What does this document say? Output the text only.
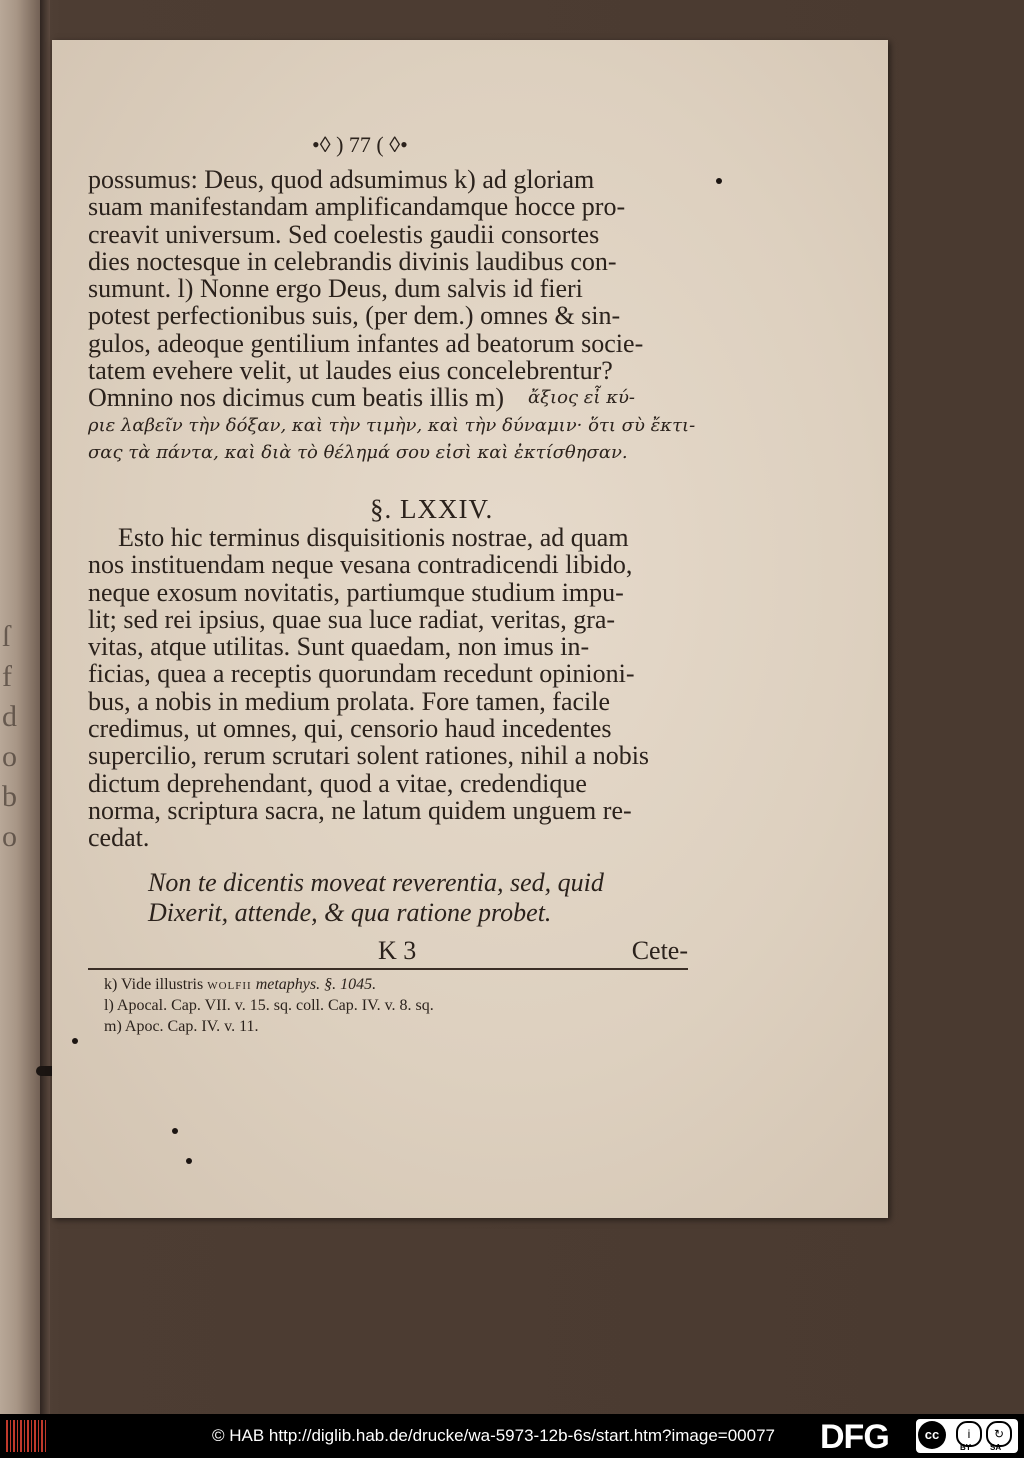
ſ
f
d
o
b
o
•◊ ) 77 ( ◊•
possumus: Deus, quod adsumimus k) ad gloriam
suam manifestandam amplificandamque hocce pro-
creavit universum. Sed coelestis gaudii consortes
dies noctesque in celebrandis divinis laudibus con-
sumunt. l) Nonne ergo Deus, dum salvis id fieri
potest perfectionibus suis, (per dem.) omnes & sin-
gulos, adeoque gentilium infantes ad beatorum socie-
tatem evehere velit, ut laudes eius concelebrentur?
Omnino nos dicimus cum beatis illis m) ἄξιος εἶ κύ-
ριε λαβεῖν τὴν δόξαν, καὶ τὴν τιμὴν, καὶ τὴν δύναμιν· ὅτι σὺ ἔκτι-
σας τὰ πάντα, καὶ διὰ τὸ θέλημά σου εἰσὶ καὶ ἐκτίσθησαν.
§. LXXIV.
Esto hic terminus disquisitionis nostrae, ad quam
nos instituendam neque vesana contradicendi libido,
neque exosum novitatis, partiumque studium impu-
lit; sed rei ipsius, quae sua luce radiat, veritas, gra-
vitas, atque utilitas. Sunt quaedam, non imus in-
ficias, quea a receptis quorundam recedunt opinioni-
bus, a nobis in medium prolata. Fore tamen, facile
credimus, ut omnes, qui, censorio haud incedentes
supercilio, rerum scrutari solent rationes, nihil a nobis
dictum deprehendant, quod a vitae, credendique
norma, scriptura sacra, ne latum quidem unguem re-
cedat.
Non te dicentis moveat reverentia, sed, quid
Dixerit, attende, & qua ratione probet.
K 3	Cete-
k) Vide illustris wolfii metaphys. §. 1045.
l) Apocal. Cap. VII. v. 15. sq. coll. Cap. IV. v. 8. sq.
m) Apoc. Cap. IV. v. 11.
© HAB http://diglib.hab.de/drucke/wa-5973-12b-6s/start.htm?image=00077 DFG	cc	i	↻
BY SA
